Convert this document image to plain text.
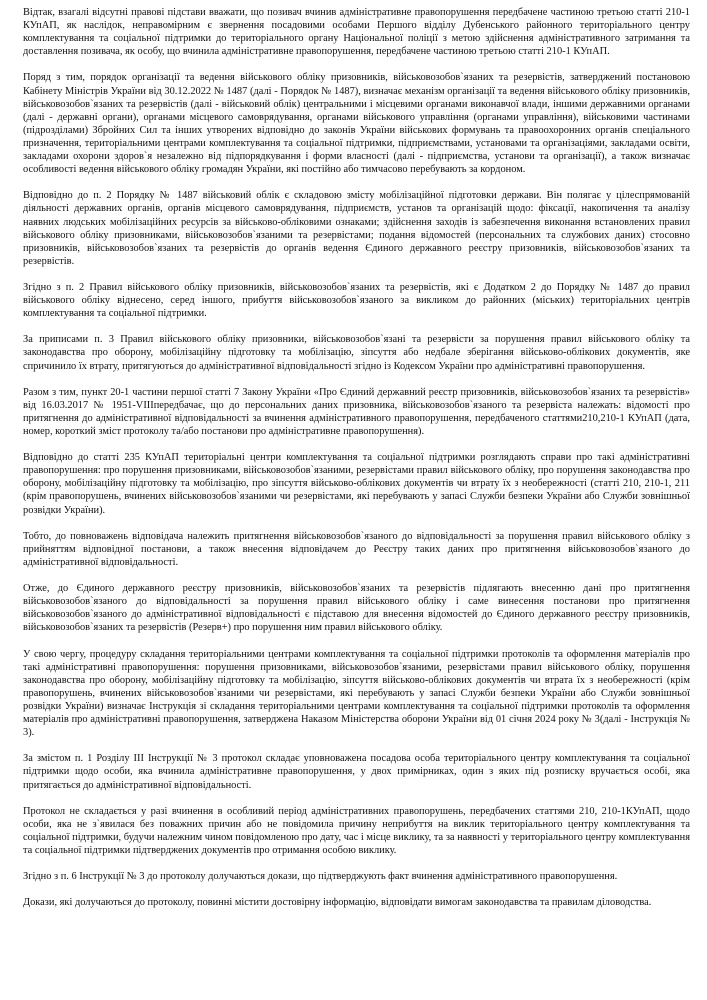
Відтак, взагалі відсутні правові підстави вважати, що позивач вчинив адміністративне правопорушення передбачене частиною третьою статті 210-1 КУпАП, як наслідок, неправомірним є звернення посадовими особами Першого відділу Дубенського районного територіального центру комплектування та соціальної підтримки до територіального органу Національної поліції з метою здійснення адміністративного затримання та доставлення позивача, як особу, що вчинила адміністративне правопорушення, передбачене частиною третьою статті 210-1 КУпАП.

Поряд з тим, порядок організації та ведення військового обліку призовників, військовозобов`язаних та резервістів, затверджений постановою Кабінету Міністрів України від 30.12.2022 № 1487 (далі - Порядок № 1487), визначає механізм організації та ведення військового обліку призовників, військовозобов`язаних та резервістів (далі - військовий облік) центральними і місцевими органами виконавчої влади, іншими державними органами (далі - державні органи), органами місцевого самоврядування, органами військового управління (органами управління), військовими частинами (підрозділами) Збройних Сил та інших утворених відповідно до законів України військових формувань та правоохоронних органів спеціального призначення, територіальними центрами комплектування та соціальної підтримки, підприємствами, установами та організаціями, закладами освіти, закладами охорони здоров`я незалежно від підпорядкування і форми власності (далі - підприємства, установи та організації), а також визначає особливості ведення військового обліку громадян України, які постійно або тимчасово перебувають за кордоном.

Відповідно до п. 2 Порядку № 1487 військовий облік є складовою змісту мобілізаційної підготовки держави. Він полягає у цілеспрямованій діяльності державних органів, органів місцевого самоврядування, підприємств, установ та організацій щодо: фіксації, накопичення та аналізу наявних людських мобілізаційних ресурсів за військово-обліковими ознаками; здійснення заходів із забезпечення виконання встановлених правил військового обліку призовниками, військовозобов`язаними та резервістами; подання відомостей (персональних та службових даних) стосовно призовників, військовозобов`язаних та резервістів до органів ведення Єдиного державного реєстру призовників, військовозобов`язаних та резервістів.

Згідно з п. 2 Правил військового обліку призовників, військовозобов`язаних та резервістів, які є Додатком 2 до Порядку № 1487 до правил військового обліку віднесено, серед іншого, прибуття військовозобов`язаного за викликом до районних (міських) територіальних центрів комплектування та соціальної підтримки.

За приписами п. 3 Правил військового обліку призовники, військовозобов`язані та резервісти за порушення правил військового обліку та законодавства про оборону, мобілізаційну підготовку та мобілізацію, зіпсуття або недбале зберігання військово-облікових документів, яке спричинило їх втрату, притягуються до адміністративної відповідальності згідно із Кодексом України про адміністративні правопорушення.

Разом з тим, пункт 20-1 частини першої статті 7 Закону України «Про Єдиний державний реєстр призовників, військовозобов`язаних та резервістів» від 16.03.2017 № 1951-VIIIпередбачає, що до персональних даних призовника, військовозобов`язаного та резервіста належать: відомості про притягнення до адміністративної відповідальності за вчинення адміністративного правопорушення, передбаченого статтями210,210-1 КУпАП (дата, номер, короткий зміст протоколу та/або постанови про адміністративне правопорушення).

Відповідно до статті 235 КУпАП територіальні центри комплектування та соціальної підтримки розглядають справи про такі адміністративні правопорушення: про порушення призовниками, військовозобов`язаними, резервістами правил військового обліку, про порушення законодавства про оборону, мобілізаційну підготовку та мобілізацію, про зіпсуття військово-облікових документів чи втрату їх з необережності (статті 210, 210-1, 211 (крім правопорушень, вчинених військовозобов`язаними чи резервістами, які перебувають у запасі Служби безпеки України або Служби зовнішньої розвідки України).

Тобто, до повноважень відповідача належить притягнення військовозобов`язаного до відповідальності за порушення правил військового обліку з прийняттям відповідної постанови, а також внесення відповідачем до Реєстру таких даних про притягнення військовозобов`язаного до адміністративної відповідальності.

Отже, до Єдиного державного реєстру призовників, військовозобов`язаних та резервістів підлягають внесенню дані про притягнення військовозобов`язаного до відповідальності за порушення правил військового обліку і саме винесення постанови про притягнення військовозобов`язаного до адміністративної відповідальності є підставою для внесення відомостей до Єдиного державного реєстру призовників, військовозобов`язаних та резервістів (Резерв+) про порушення ним правил військового обліку.

У свою чергу, процедуру складання територіальними центрами комплектування та соціальної підтримки протоколів та оформлення матеріалів про такі адміністративні правопорушення: порушення призовниками, військовозобов`язаними, резервістами правил військового обліку, порушення законодавства про оборону, мобілізаційну підготовку та мобілізацію, зіпсуття військово-облікових документів чи втрата їх з необережності (крім правопорушень, вчинених військовозобов`язаними чи резервістами, які перебувають у запасі Служби безпеки України або Служби зовнішньої розвідки України) визначає Інструкція зі складання територіальними центрами комплектування та соціальної підтримки протоколів та оформлення матеріалів про адміністративні правопорушення, затверджена Наказом Міністерства оборони України від 01 січня 2024 року № 3(далі - Інструкція № 3).

За змістом п. 1 Розділу ІІІ Інструкції № 3 протокол складає уповноважена посадова особа територіального центру комплектування та соціальної підтримки щодо особи, яка вчинила адміністративне правопорушення, у двох примірниках, один з яких під розписку вручається особі, яка притягається до адміністративної відповідальності.

Протокол не складається у разі вчинення в особливий період адміністративних правопорушень, передбачених статтями 210, 210-1КУпАП, щодо особи, яка не з`явилася без поважних причин або не повідомила причину неприбуття на виклик територіального центру комплектування та соціальної підтримки, будучи належним чином повідомленою про дату, час і місце виклику, та за наявності у територіального центру комплектування та соціальної підтримки підтверджених документів про отримання особою виклику.

Згідно з п. 6 Інструкції № 3 до протоколу долучаються докази, що підтверджують факт вчинення адміністративного правопорушення.

Докази, які долучаються до протоколу, повинні містити достовірну інформацію, відповідати вимогам законодавства та правилам діловодства.
